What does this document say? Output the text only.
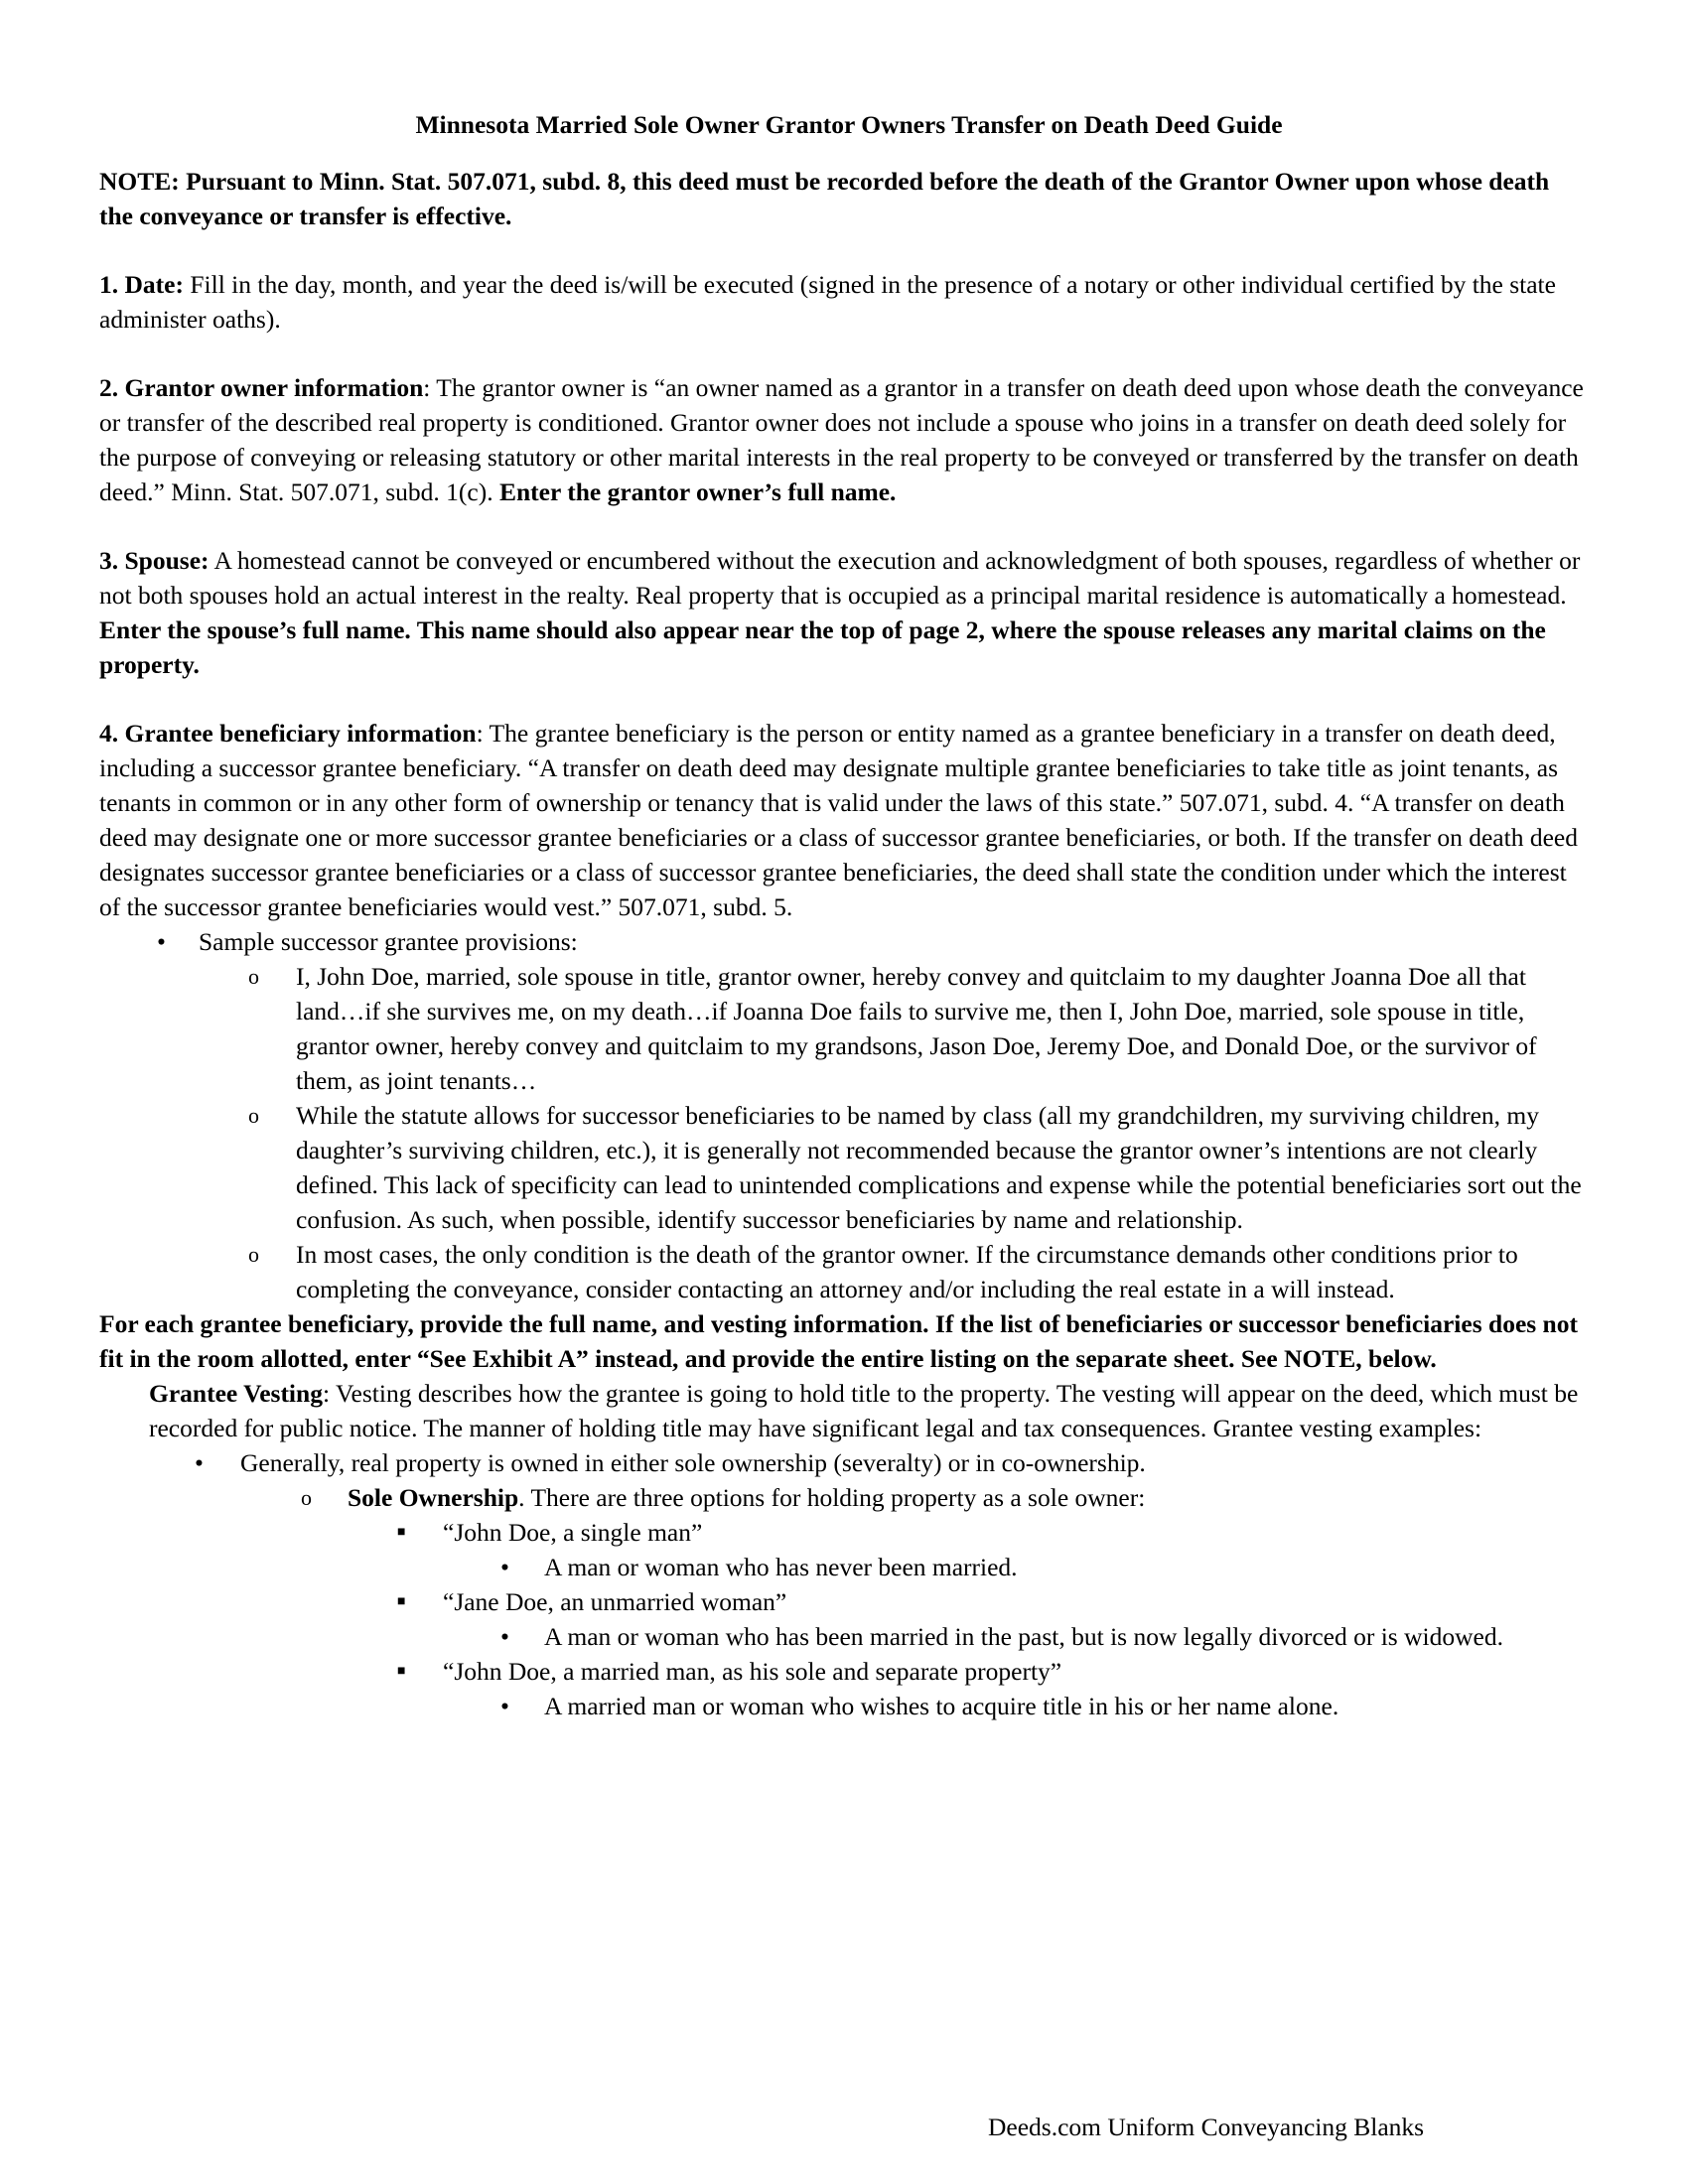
Minnesota Married Sole Owner Grantor Owners Transfer on Death Deed Guide

NOTE: Pursuant to Minn. Stat. 507.071, subd. 8, this deed must be recorded before the death of the Grantor Owner upon whose death the conveyance or transfer is effective.

1. Date: Fill in the day, month, and year the deed is/will be executed (signed in the presence of a notary or other individual certified by the state administer oaths).

2. Grantor owner information: The grantor owner is “an owner named as a grantor in a transfer on death deed upon whose death the conveyance or transfer of the described real property is conditioned. Grantor owner does not include a spouse who joins in a transfer on death deed solely for the purpose of conveying or releasing statutory or other marital interests in the real property to be conveyed or transferred by the transfer on death deed.” Minn. Stat. 507.071, subd. 1(c). Enter the grantor owner’s full name.

3. Spouse: A homestead cannot be conveyed or encumbered without the execution and acknowledgment of both spouses, regardless of whether or not both spouses hold an actual interest in the realty. Real property that is occupied as a principal marital residence is automatically a homestead. Enter the spouse’s full name. This name should also appear near the top of page 2, where the spouse releases any marital claims on the property.

4. Grantee beneficiary information: The grantee beneficiary is the person or entity named as a grantee beneficiary in a transfer on death deed, including a successor grantee beneficiary. “A transfer on death deed may designate multiple grantee beneficiaries to take title as joint tenants, as tenants in common or in any other form of ownership or tenancy that is valid under the laws of this state.” 507.071, subd. 4. “A transfer on death deed may designate one or more successor grantee beneficiaries or a class of successor grantee beneficiaries, or both. If the transfer on death deed designates successor grantee beneficiaries or a class of successor grantee beneficiaries, the deed shall state the condition under which the interest of the successor grantee beneficiaries would vest.” 507.071, subd. 5.

• Sample successor grantee provisions:
o I, John Doe, married, sole spouse in title, grantor owner, hereby convey and quitclaim to my daughter Joanna Doe all that land…if she survives me, on my death…if Joanna Doe fails to survive me, then I, John Doe, married, sole spouse in title, grantor owner, hereby convey and quitclaim to my grandsons, Jason Doe, Jeremy Doe, and Donald Doe, or the survivor of them, as joint tenants…
o While the statute allows for successor beneficiaries to be named by class (all my grandchildren, my surviving children, my daughter’s surviving children, etc.), it is generally not recommended because the grantor owner’s intentions are not clearly defined. This lack of specificity can lead to unintended complications and expense while the potential beneficiaries sort out the confusion. As such, when possible, identify successor beneficiaries by name and relationship.
o In most cases, the only condition is the death of the grantor owner. If the circumstance demands other conditions prior to completing the conveyance, consider contacting an attorney and/or including the real estate in a will instead.

For each grantee beneficiary, provide the full name, and vesting information. If the list of beneficiaries or successor beneficiaries does not fit in the room allotted, enter “See Exhibit A” instead, and provide the entire listing on the separate sheet. See NOTE, below.

Grantee Vesting: Vesting describes how the grantee is going to hold title to the property. The vesting will appear on the deed, which must be recorded for public notice. The manner of holding title may have significant legal and tax consequences. Grantee vesting examples:

• Generally, real property is owned in either sole ownership (severalty) or in co-ownership.
o Sole Ownership. There are three options for holding property as a sole owner:
■ “John Doe, a single man”
• A man or woman who has never been married.
■ “Jane Doe, an unmarried woman”
• A man or woman who has been married in the past, but is now legally divorced or is widowed.
■ “John Doe, a married man, as his sole and separate property”
• A married man or woman who wishes to acquire title in his or her name alone.
Deeds.com Uniform Conveyancing Blanks
